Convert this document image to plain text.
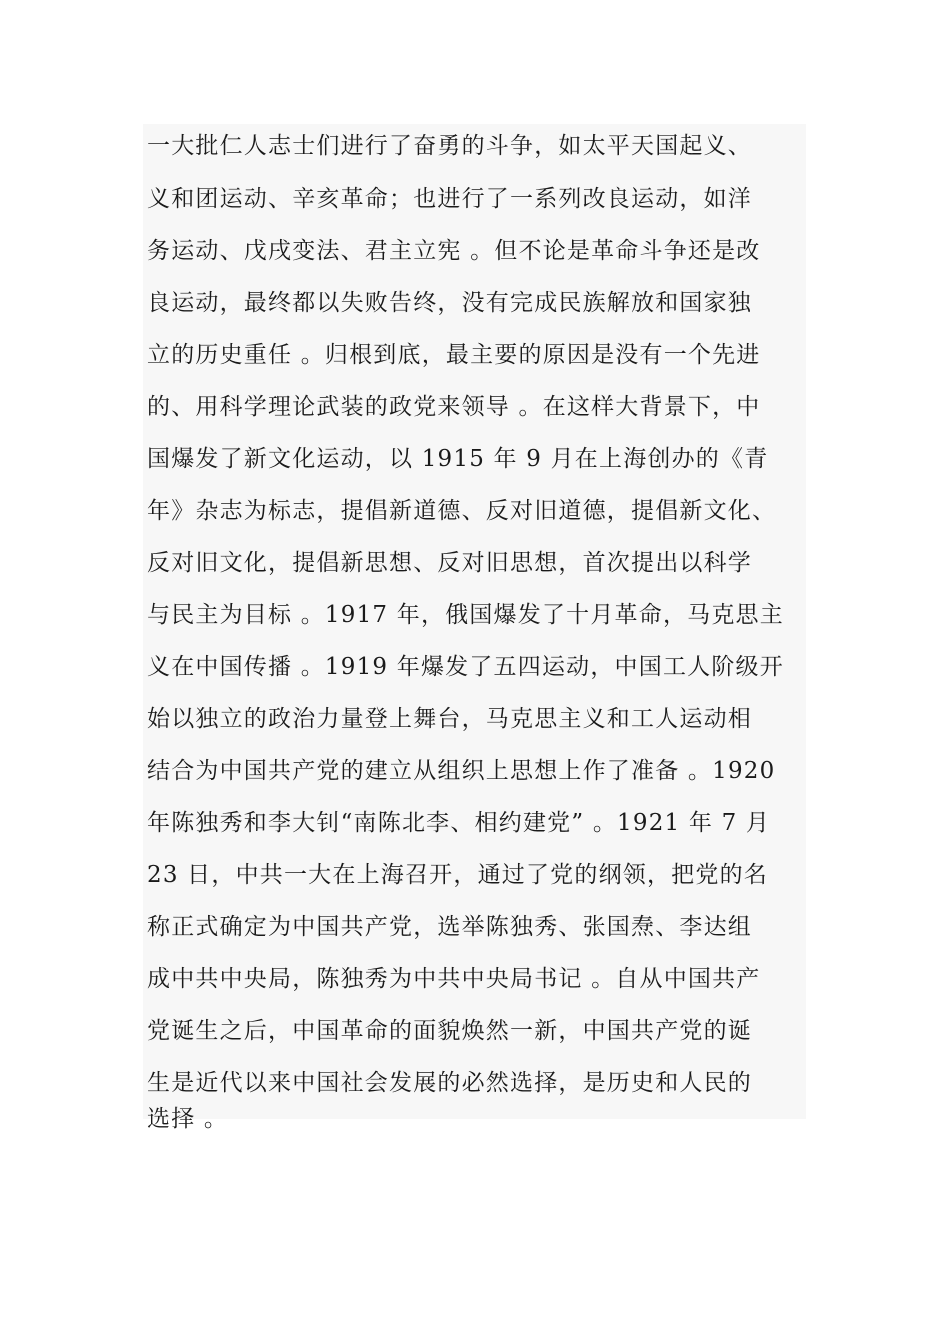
一大批仁人志士们进行了奋勇的斗争，如太平天国起义、
义和团运动、辛亥革命；也进行了一系列改良运动，如洋
务运动、戊戌变法、君主立宪 。但不论是革命斗争还是改
良运动，最终都以失败告终，没有完成民族解放和国家独
立的历史重任 。归根到底，最主要的原因是没有一个先进
的、用科学理论武装的政党来领导 。在这样大背景下，中
国爆发了新文化运动，以 1915 年 9 月在上海创办的《青
年》杂志为标志，提倡新道德、反对旧道德，提倡新文化、
反对旧文化，提倡新思想、反对旧思想，首次提出以科学
与民主为目标 。1917 年，俄国爆发了十月革命，马克思主
义在中国传播 。1919 年爆发了五四运动，中国工人阶级开
始以独立的政治力量登上舞台，马克思主义和工人运动相
结合为中国共产党的建立从组织上思想上作了准备 。1920
年陈独秀和李大钊“南陈北李、相约建党” 。1921 年 7 月
23 日，中共一大在上海召开，通过了党的纲领，把党的名
称正式确定为中国共产党，选举陈独秀、张国焘、李达组
成中共中央局，陈独秀为中共中央局书记 。自从中国共产
党诞生之后，中国革命的面貌焕然一新，中国共产党的诞
生是近代以来中国社会发展的必然选择，是历史和人民的
选择 。
